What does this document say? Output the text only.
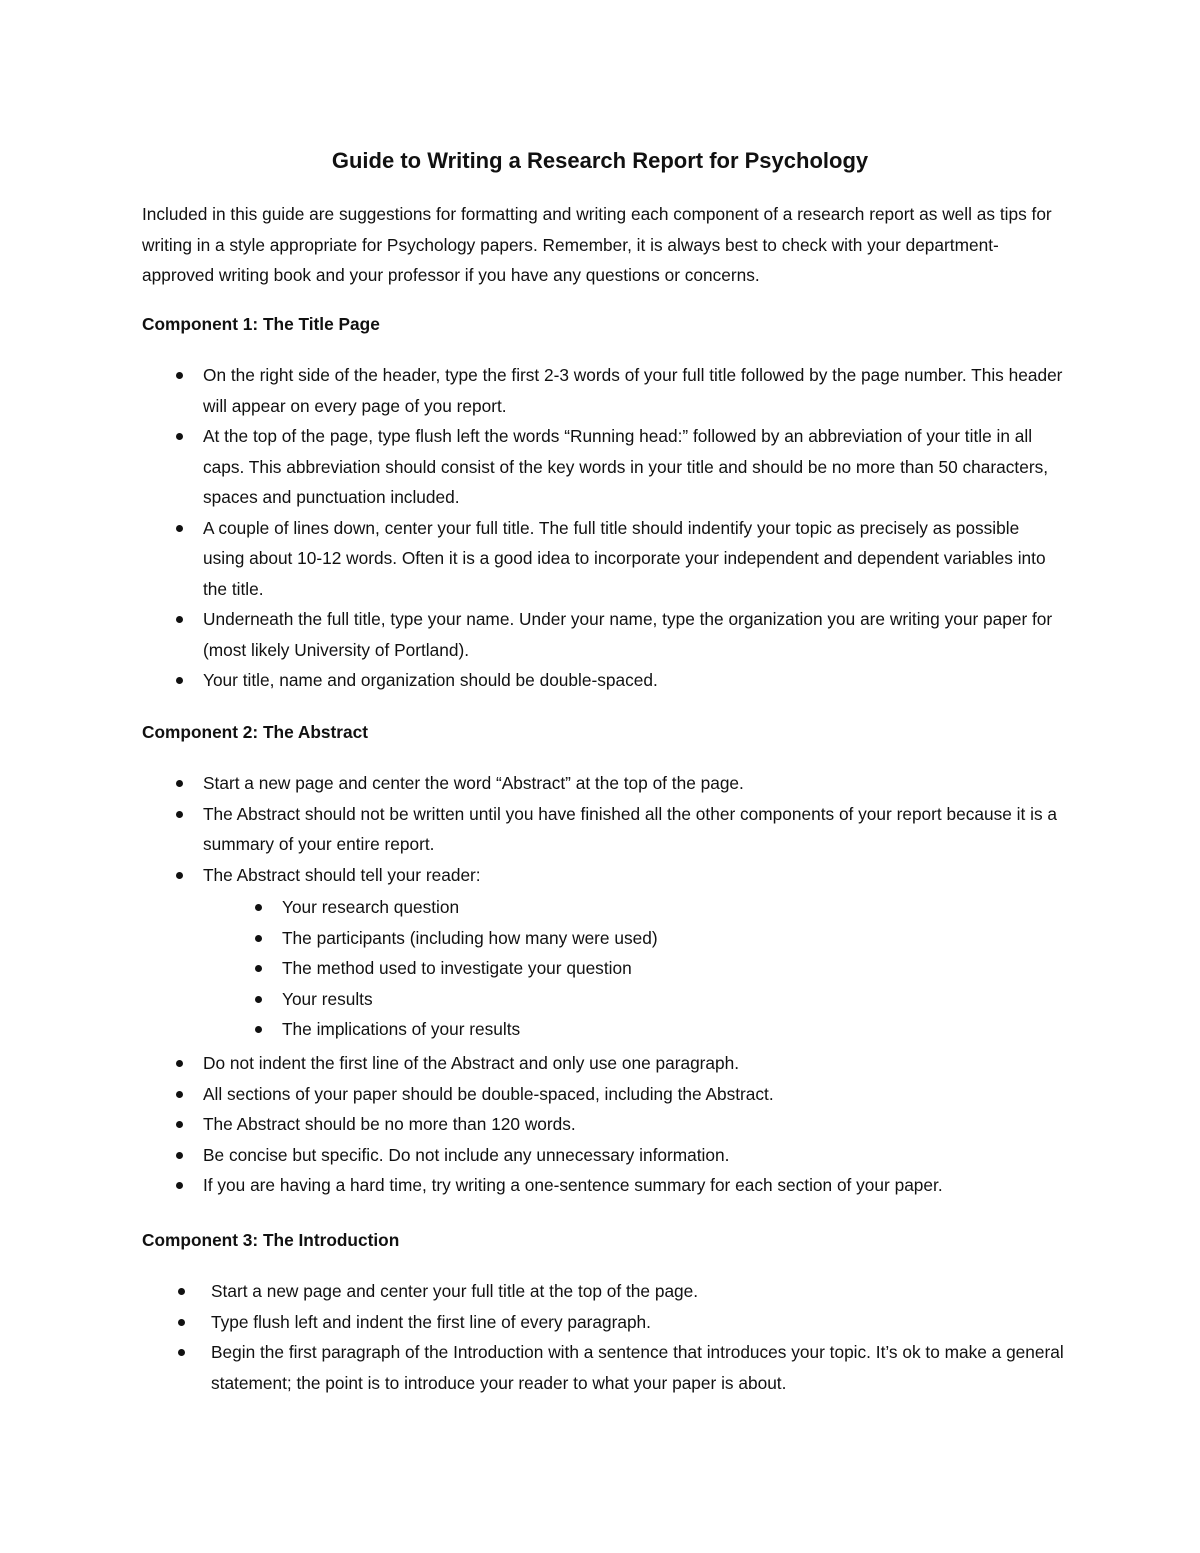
Guide to Writing a Research Report for Psychology
Included in this guide are suggestions for formatting and writing each component of a research report as well as tips for writing in a style appropriate for Psychology papers. Remember, it is always best to check with your department-approved writing book and your professor if you have any questions or concerns.
Component 1: The Title Page
On the right side of the header, type the first 2-3 words of your full title followed by the page number. This header will appear on every page of you report.
At the top of the page, type flush left the words “Running head:” followed by an abbreviation of your title in all caps. This abbreviation should consist of the key words in your title and should be no more than 50 characters, spaces and punctuation included.
A couple of lines down, center your full title. The full title should indentify your topic as precisely as possible using about 10-12 words. Often it is a good idea to incorporate your independent and dependent variables into the title.
Underneath the full title, type your name. Under your name, type the organization you are writing your paper for (most likely University of Portland).
Your title, name and organization should be double-spaced.
Component 2: The Abstract
Start a new page and center the word “Abstract” at the top of the page.
The Abstract should not be written until you have finished all the other components of your report because it is a summary of your entire report.
The Abstract should tell your reader:
Your research question
The participants (including how many were used)
The method used to investigate your question
Your results
The implications of your results
Do not indent the first line of the Abstract and only use one paragraph.
All sections of your paper should be double-spaced, including the Abstract.
The Abstract should be no more than 120 words.
Be concise but specific. Do not include any unnecessary information.
If you are having a hard time, try writing a one-sentence summary for each section of your paper.
Component 3: The Introduction
Start a new page and center your full title at the top of the page.
Type flush left and indent the first line of every paragraph.
Begin the first paragraph of the Introduction with a sentence that introduces your topic. It’s ok to make a general statement; the point is to introduce your reader to what your paper is about.
